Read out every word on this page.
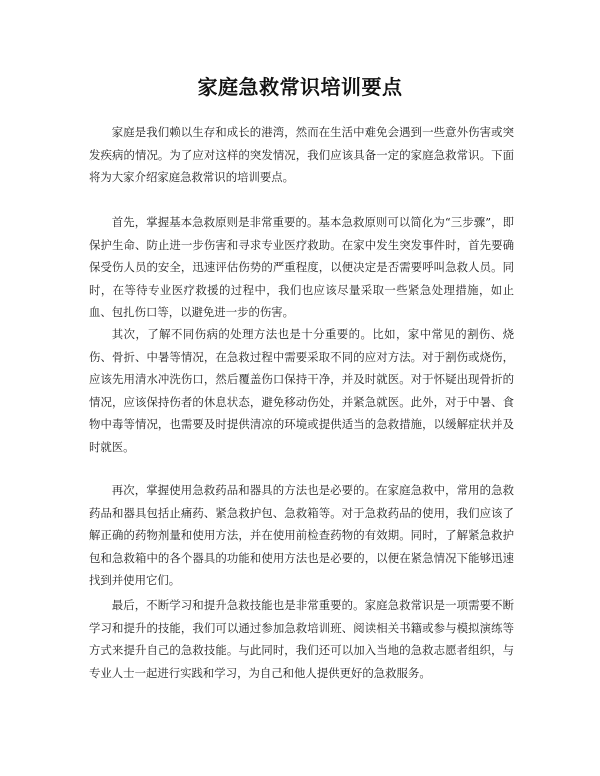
家庭急救常识培训要点

家庭是我们赖以生存和成长的港湾，然而在生活中难免会遇到一些意外伤害或突发疾病的情况。为了应对这样的突发情况，我们应该具备一定的家庭急救常识。下面将为大家介绍家庭急救常识的培训要点。

首先，掌握基本急救原则是非常重要的。基本急救原则可以简化为“三步骤”，即保护生命、防止进一步伤害和寻求专业医疗救助。在家中发生突发事件时，首先要确保受伤人员的安全，迅速评估伤势的严重程度，以便决定是否需要呼叫急救人员。同时，在等待专业医疗救援的过程中，我们也应该尽量采取一些紧急处理措施，如止血、包扎伤口等，以避免进一步的伤害。

其次，了解不同伤病的处理方法也是十分重要的。比如，家中常见的割伤、烧伤、骨折、中暑等情况，在急救过程中需要采取不同的应对方法。对于割伤或烧伤，应该先用清水冲洗伤口，然后覆盖伤口保持干净，并及时就医。对于怀疑出现骨折的情况，应该保持伤者的休息状态，避免移动伤处，并紧急就医。此外，对于中暑、食物中毒等情况，也需要及时提供清凉的环境或提供适当的急救措施，以缓解症状并及时就医。

再次，掌握使用急救药品和器具的方法也是必要的。在家庭急救中，常用的急救药品和器具包括止痛药、紧急救护包、急救箱等。对于急救药品的使用，我们应该了解正确的药物剂量和使用方法，并在使用前检查药物的有效期。同时，了解紧急救护包和急救箱中的各个器具的功能和使用方法也是必要的，以便在紧急情况下能够迅速找到并使用它们。

最后，不断学习和提升急救技能也是非常重要的。家庭急救常识是一项需要不断学习和提升的技能，我们可以通过参加急救培训班、阅读相关书籍或参与模拟演练等方式来提升自己的急救技能。与此同时，我们还可以加入当地的急救志愿者组织，与专业人士一起进行实践和学习，为自己和他人提供更好的急救服务。
